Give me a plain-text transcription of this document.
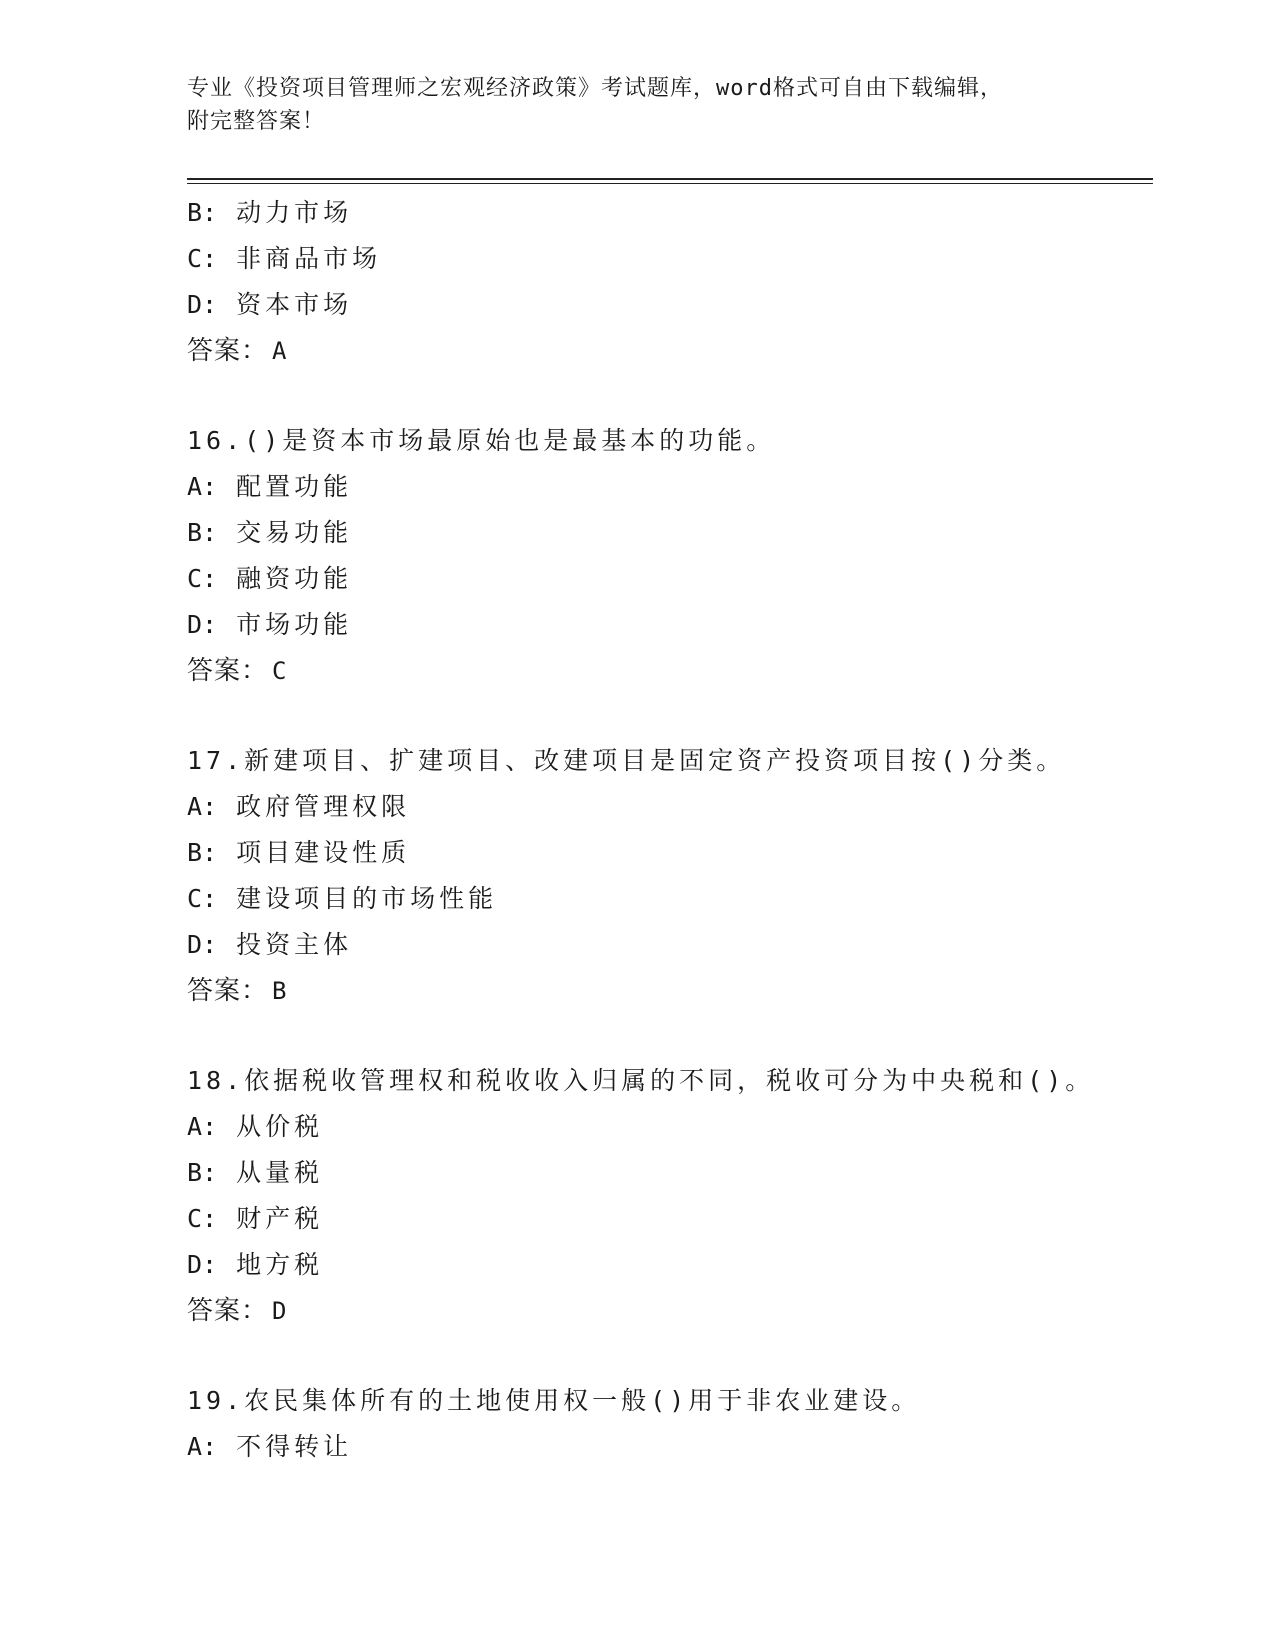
专业《投资项目管理师之宏观经济政策》考试题库，word格式可自由下载编辑，
附完整答案！
B: 动力市场
C: 非商品市场
D: 资本市场
答案： A
16.()是资本市场最原始也是最基本的功能。
A: 配置功能
B: 交易功能
C: 融资功能
D: 市场功能
答案： C
17.新建项目、扩建项目、改建项目是固定资产投资项目按()分类。
A: 政府管理权限
B: 项目建设性质
C: 建设项目的市场性能
D: 投资主体
答案： B
18.依据税收管理权和税收收入归属的不同，税收可分为中央税和()。
A: 从价税
B: 从量税
C: 财产税
D: 地方税
答案： D
19.农民集体所有的土地使用权一般()用于非农业建设。
A: 不得转让
